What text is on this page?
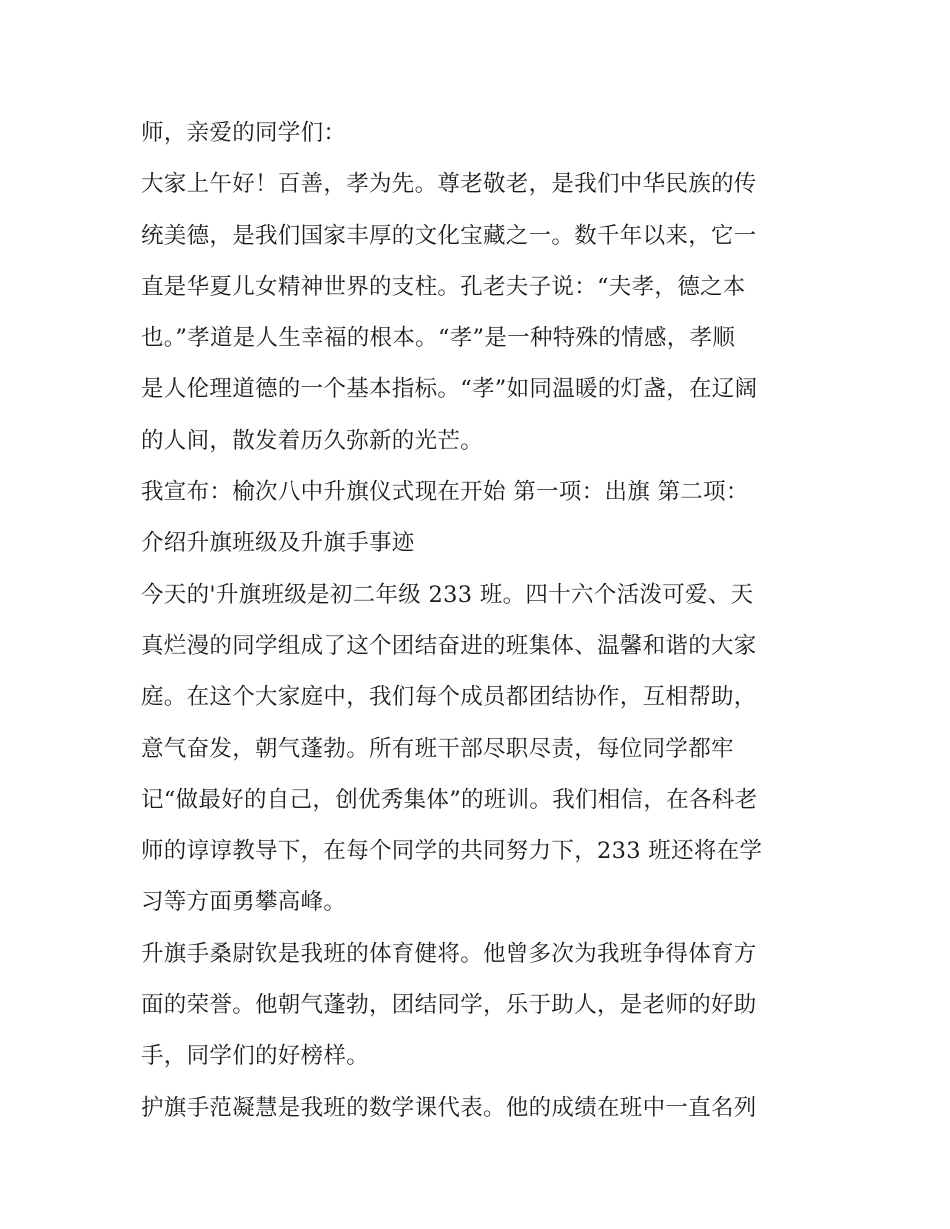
师，亲爱的同学们：
大家上午好！百善，孝为先。尊老敬老，是我们中华民族的传
统美德，是我们国家丰厚的文化宝藏之一。数千年以来，它一
直是华夏儿女精神世界的支柱。孔老夫子说：“夫孝，德之本
也。”孝道是人生幸福的根本。“孝”是一种特殊的情感，孝顺
是人伦理道德的一个基本指标。“孝”如同温暖的灯盏，在辽阔
的人间，散发着历久弥新的光芒。
我宣布：榆次八中升旗仪式现在开始 第一项：出旗 第二项：
介绍升旗班级及升旗手事迹
今天的'升旗班级是初二年级 233 班。四十六个活泼可爱、天
真烂漫的同学组成了这个团结奋进的班集体、温馨和谐的大家
庭。在这个大家庭中，我们每个成员都团结协作，互相帮助，
意气奋发，朝气蓬勃。所有班干部尽职尽责，每位同学都牢
记“做最好的自己，创优秀集体”的班训。我们相信，在各科老
师的谆谆教导下，在每个同学的共同努力下，233 班还将在学
习等方面勇攀高峰。
升旗手桑尉钦是我班的体育健将。他曾多次为我班争得体育方
面的荣誉。他朝气蓬勃，团结同学，乐于助人，是老师的好助
手，同学们的好榜样。
护旗手范凝慧是我班的数学课代表。他的成绩在班中一直名列
